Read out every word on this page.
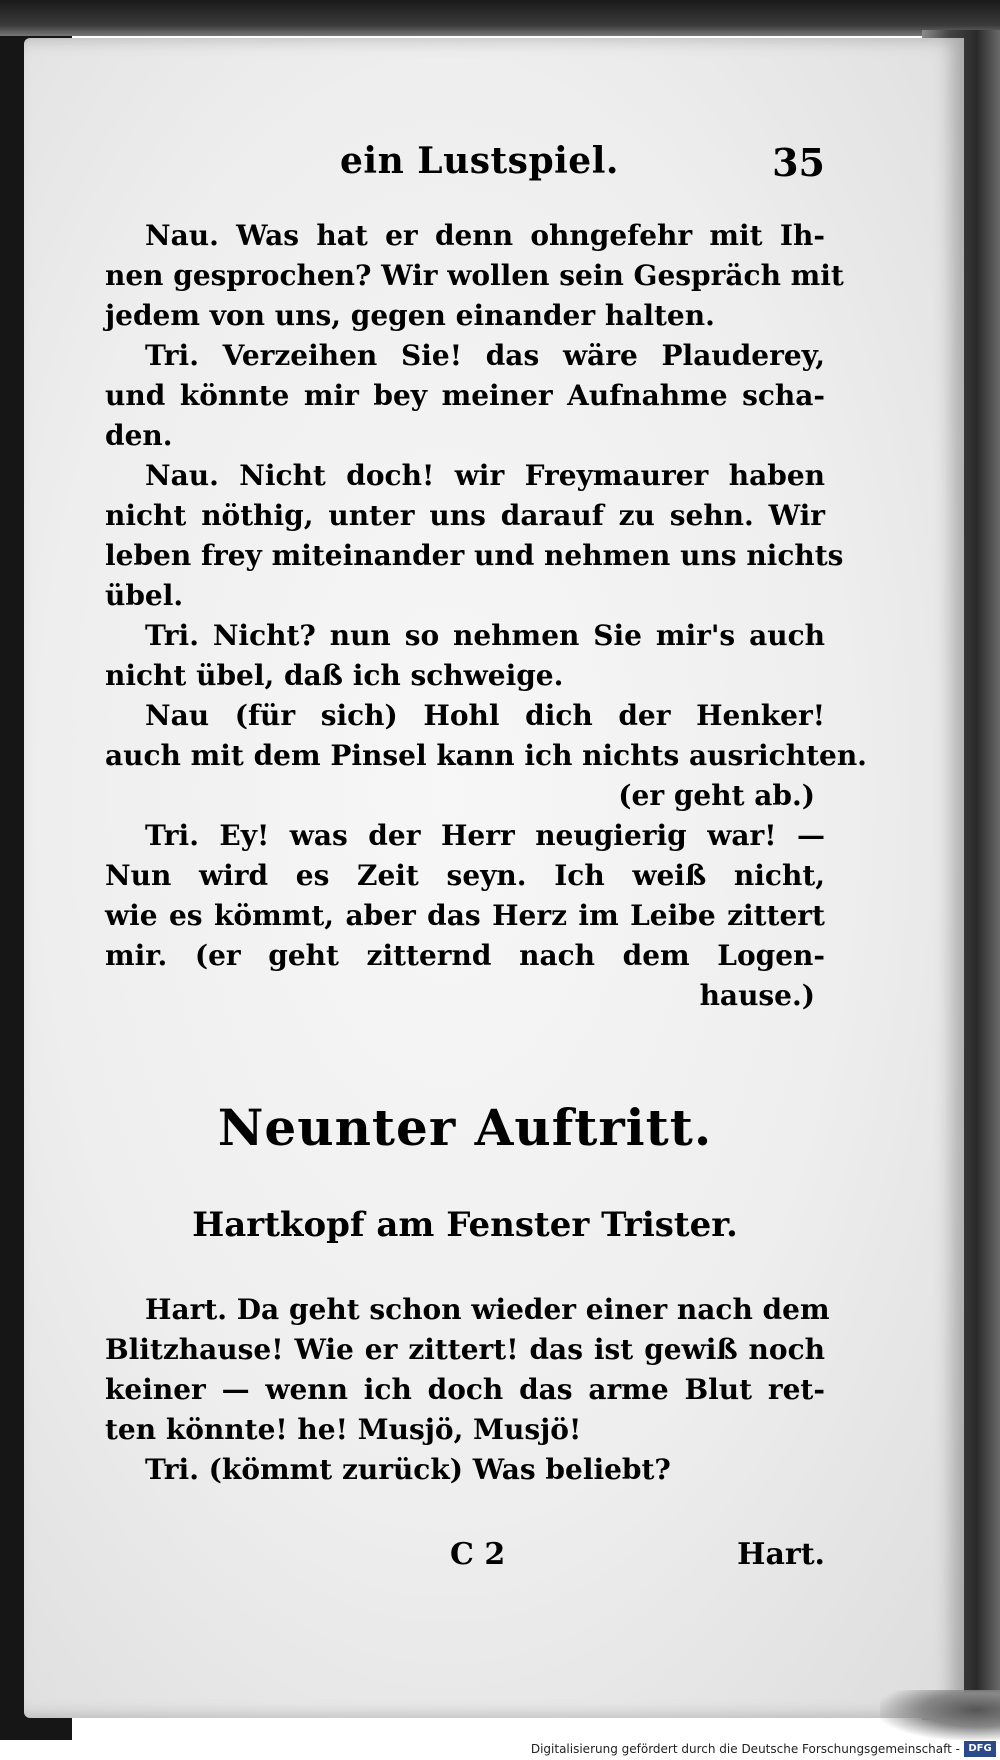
ein Lustspiel.	35
Nau. Was hat er denn ohngefehr mit Ih-
nen gesprochen? Wir wollen sein Gespräch mit
jedem von uns, gegen einander halten.
Tri. Verzeihen Sie! das wäre Plauderey,
und könnte mir bey meiner Aufnahme scha-
den.
Nau. Nicht doch! wir Freymaurer haben
nicht nöthig, unter uns darauf zu sehn. Wir
leben frey miteinander und nehmen uns nichts
übel.
Tri. Nicht? nun so nehmen Sie mir's auch
nicht übel, daß ich schweige.
Nau (für sich) Hohl dich der Henker!
auch mit dem Pinsel kann ich nichts ausrichten.
(er geht ab.)
Tri. Ey! was der Herr neugierig war! —
Nun wird es Zeit seyn. Ich weiß nicht,
wie es kömmt, aber das Herz im Leibe zittert
mir. (er geht zitternd nach dem Logen-
hause.)
Neunter Auftritt.
Hartkopf am Fenster Trister.
Hart. Da geht schon wieder einer nach dem
Blitzhause! Wie er zittert! das ist gewiß noch
keiner — wenn ich doch das arme Blut ret-
ten könnte! he! Musjö, Musjö!
Tri. (kömmt zurück) Was beliebt?
C 2	Hart.
Digitalisierung gefördert durch die Deutsche Forschungsgemeinschaft - DFG
